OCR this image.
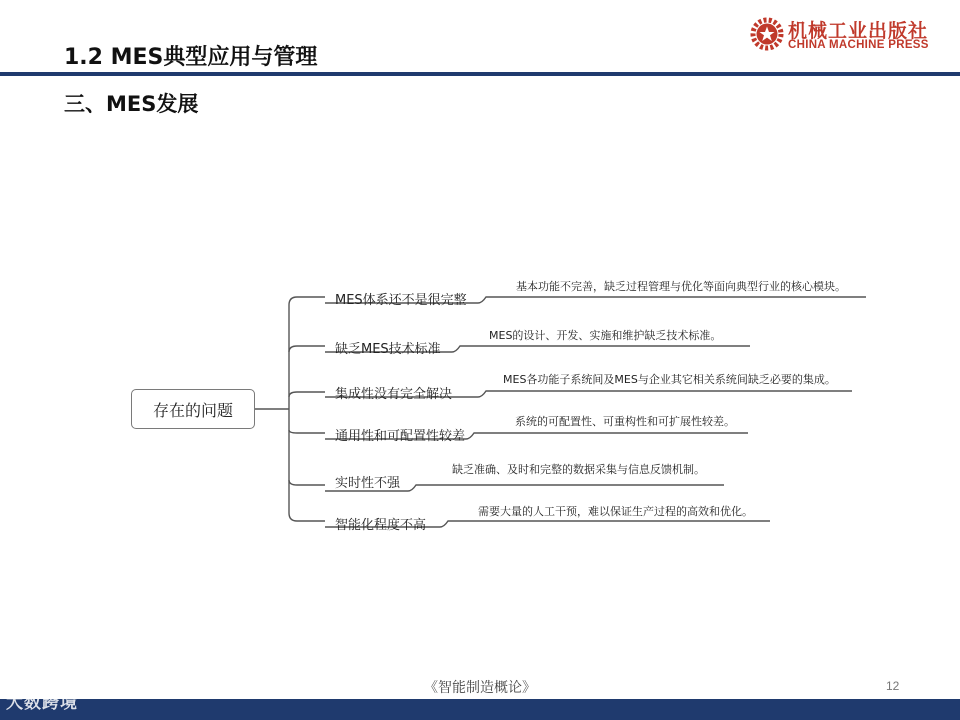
1.2 MES典型应用与管理
机械工业出版社
CHINA MACHINE PRESS
三、MES发展
存在的问题
MES体系还不是很完整
基本功能不完善，缺乏过程管理与优化等面向典型行业的核心模块。
缺乏MES技术标准
MES的设计、开发、实施和维护缺乏技术标准。
集成性没有完全解决
MES各功能子系统间及MES与企业其它相关系统间缺乏必要的集成。
通用性和可配置性较差
系统的可配置性、可重构性和可扩展性较差。
实时性不强
缺乏准确、及时和完整的数据采集与信息反馈机制。
智能化程度不高
需要大量的人工干预，难以保证生产过程的高效和优化。
《智能制造概论》	12
大数跨境
